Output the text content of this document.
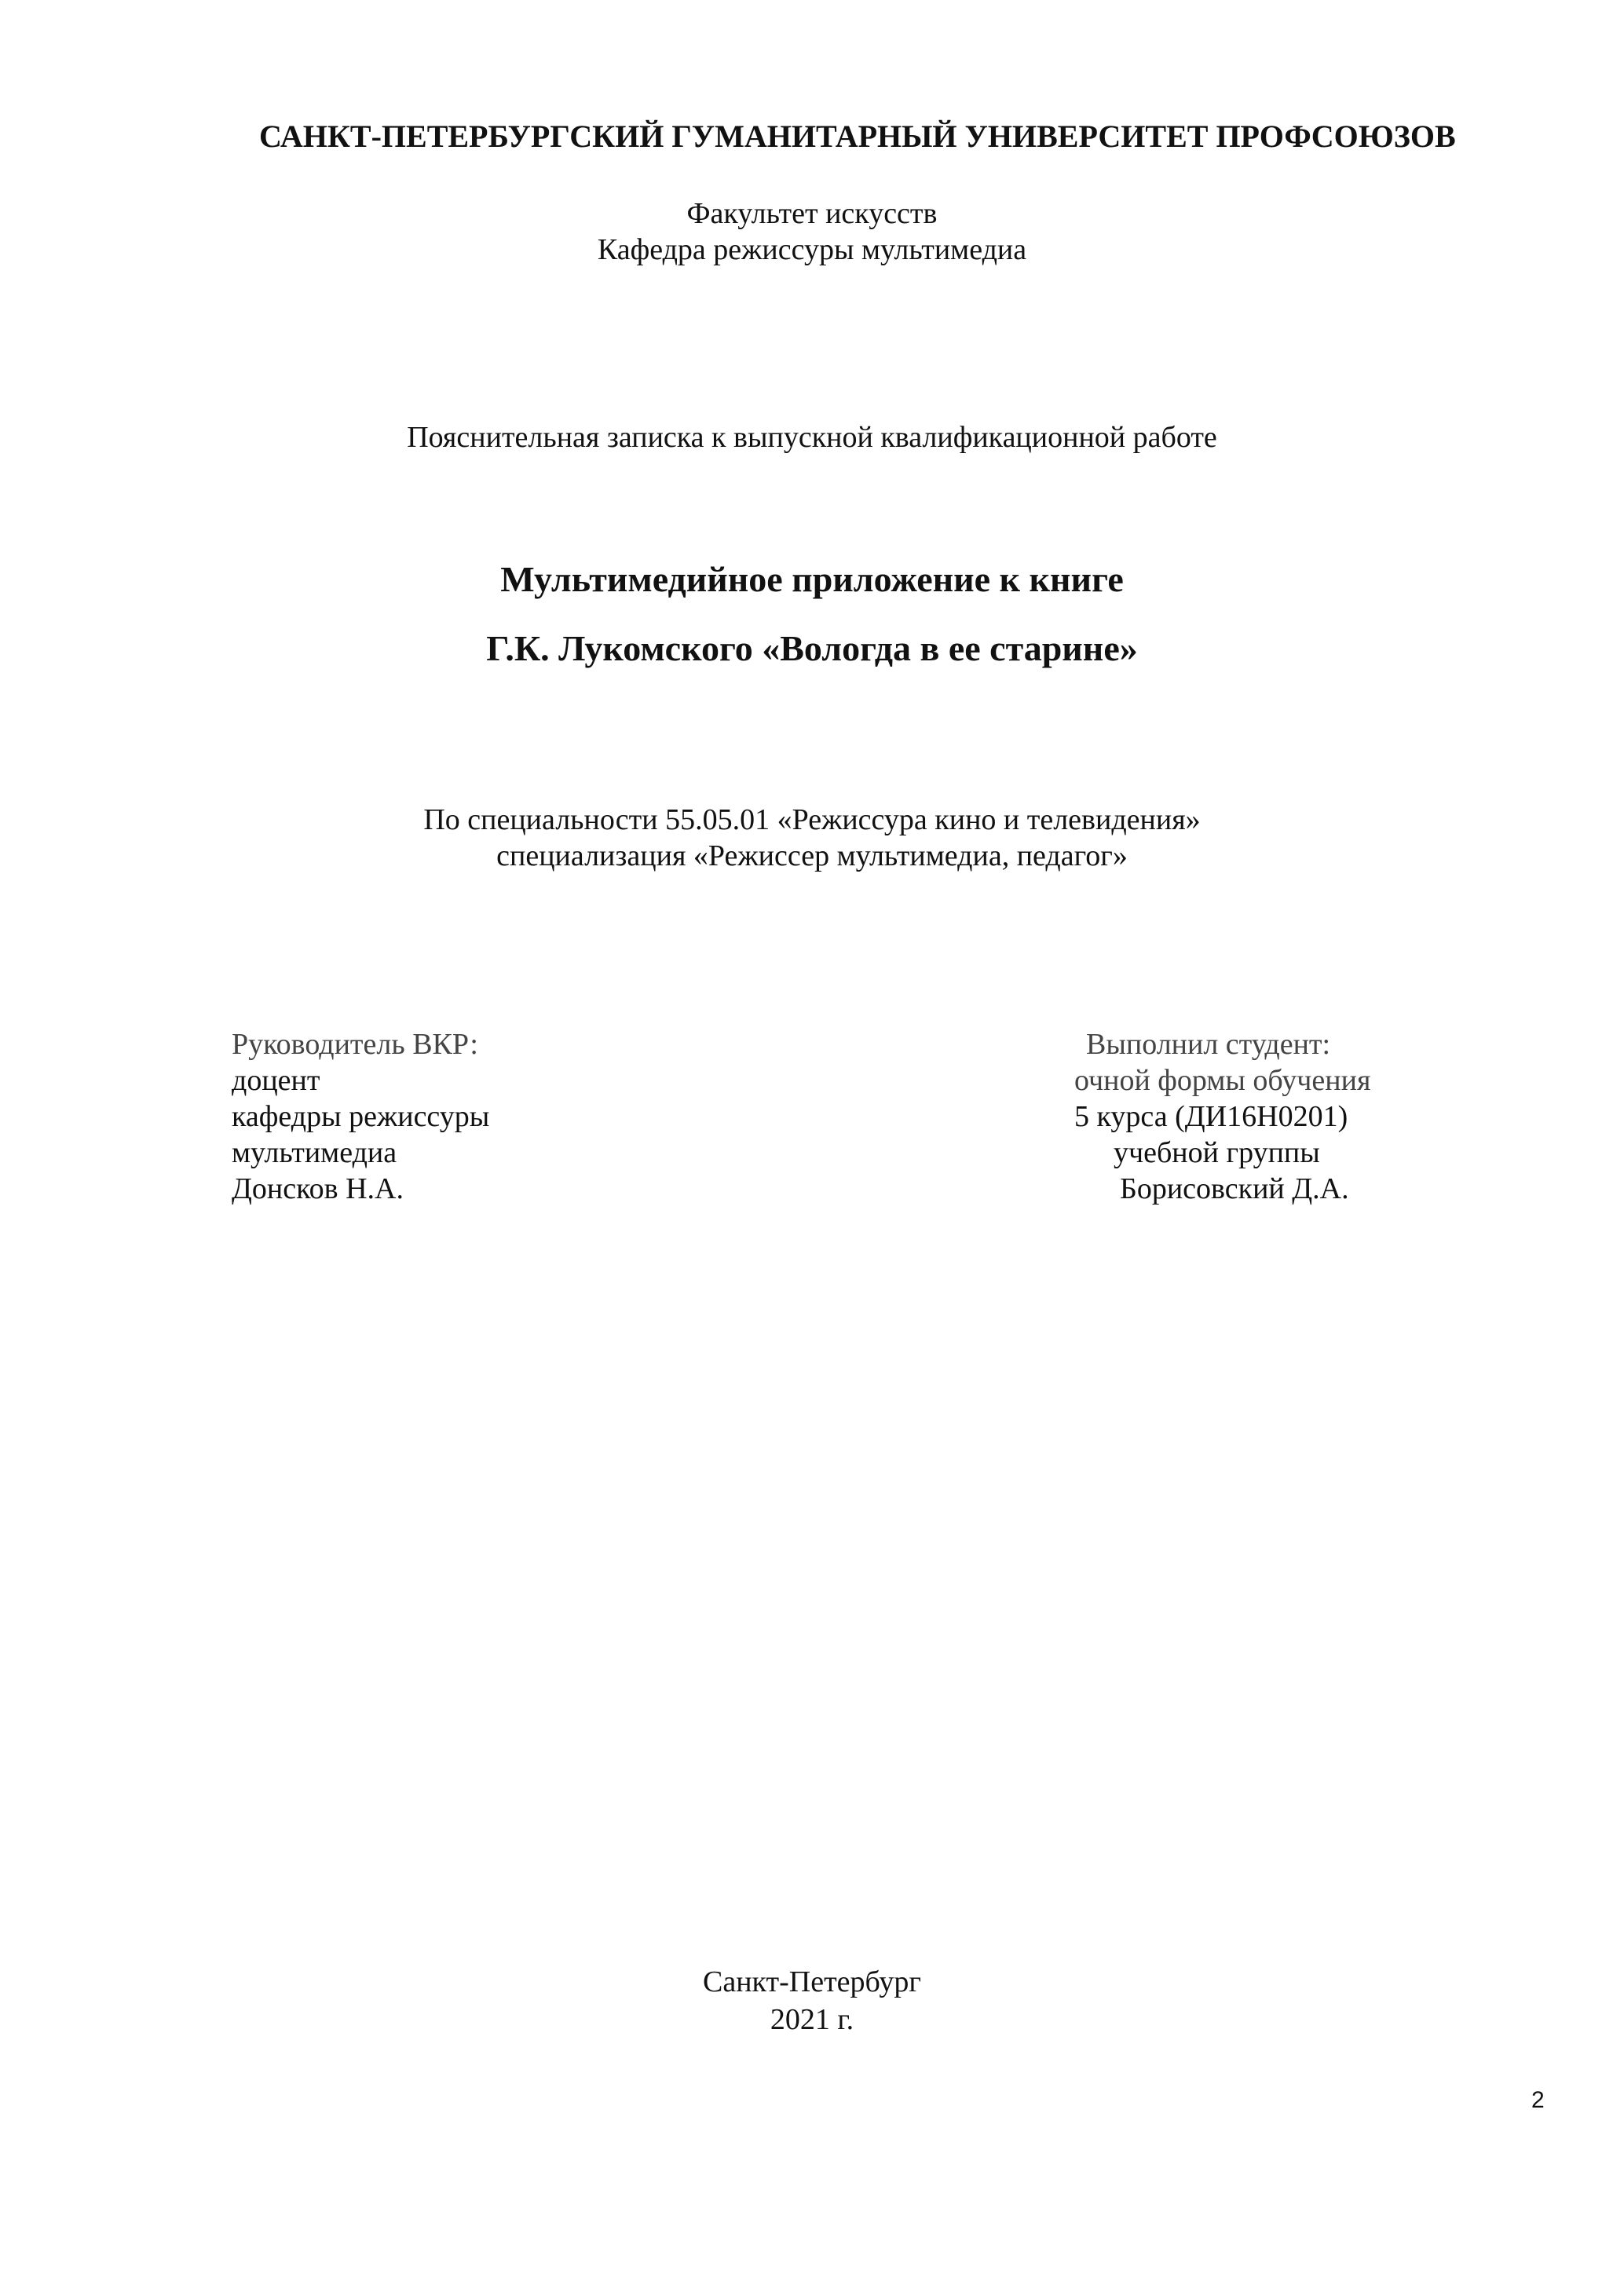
САНКТ-ПЕТЕРБУРГСКИЙ ГУМАНИТАРНЫЙ УНИВЕРСИТЕТ ПРОФСОЮЗОВ
Факультет искусств
Кафедра режиссуры мультимедиа
Пояснительная записка к выпускной квалификационной работе
Мультимедийное приложение к книге
Г.К. Лукомского «Вологда в ее старине»
По специальности 55.05.01 «Режиссура кино и телевидения»
специализация «Режиссер мультимедиа, педагог»
Руководитель ВКР:
доцент
кафедры режиссуры
мультимедиа
Донсков Н.А.
Выполнил студент:
очной формы обучения
5 курса (ДИ16Н0201)
учебной группы
Борисовский Д.А.
Санкт-Петербург
2021 г.
2
